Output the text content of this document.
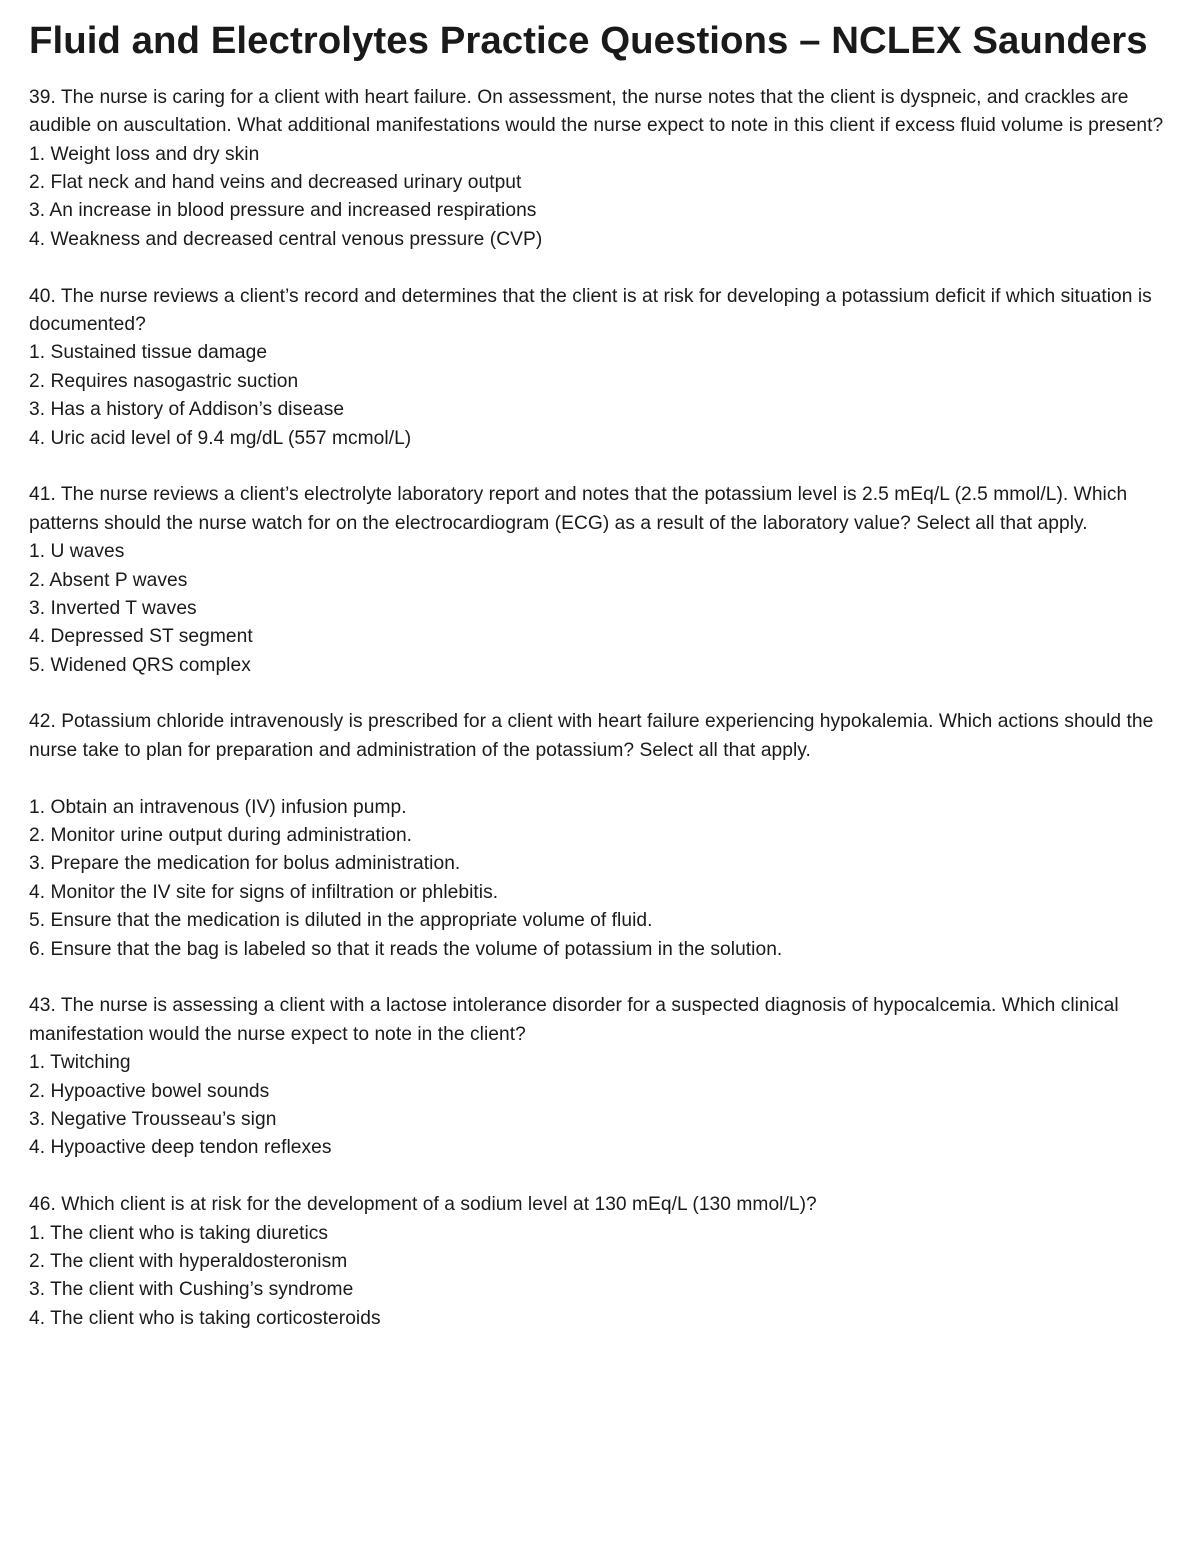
Fluid and Electrolytes Practice Questions – NCLEX Saunders
39. The nurse is caring for a client with heart failure. On assessment, the nurse notes that the client is dyspneic, and crackles are audible on auscultation. What additional manifestations would the nurse expect to note in this client if excess fluid volume is present?
1. Weight loss and dry skin
2. Flat neck and hand veins and decreased urinary output
3. An increase in blood pressure and increased respirations
4. Weakness and decreased central venous pressure (CVP)
40. The nurse reviews a client’s record and determines that the client is at risk for developing a potassium deficit if which situation is documented?
1. Sustained tissue damage
2. Requires nasogastric suction
3. Has a history of Addison’s disease
4. Uric acid level of 9.4 mg/dL (557 mcmol/L)
41. The nurse reviews a client’s electrolyte laboratory report and notes that the potassium level is 2.5 mEq/L (2.5 mmol/L). Which patterns should the nurse watch for on the electrocardiogram (ECG) as a result of the laboratory value? Select all that apply.
1. U waves
2. Absent P waves
3. Inverted T waves
4. Depressed ST segment
5. Widened QRS complex
42. Potassium chloride intravenously is prescribed for a client with heart failure experiencing hypokalemia. Which actions should the nurse take to plan for preparation and administration of the potassium? Select all that apply.
1. Obtain an intravenous (IV) infusion pump.
2. Monitor urine output during administration.
3. Prepare the medication for bolus administration.
4. Monitor the IV site for signs of infiltration or phlebitis.
5. Ensure that the medication is diluted in the appropriate volume of fluid.
6. Ensure that the bag is labeled so that it reads the volume of potassium in the solution.
43. The nurse is assessing a client with a lactose intolerance disorder for a suspected diagnosis of hypocalcemia. Which clinical manifestation would the nurse expect to note in the client?
1. Twitching
2. Hypoactive bowel sounds
3. Negative Trousseau’s sign
4. Hypoactive deep tendon reflexes
46. Which client is at risk for the development of a sodium level at 130 mEq/L (130 mmol/L)?
1. The client who is taking diuretics
2. The client with hyperaldosteronism
3. The client with Cushing’s syndrome
4. The client who is taking corticosteroids
